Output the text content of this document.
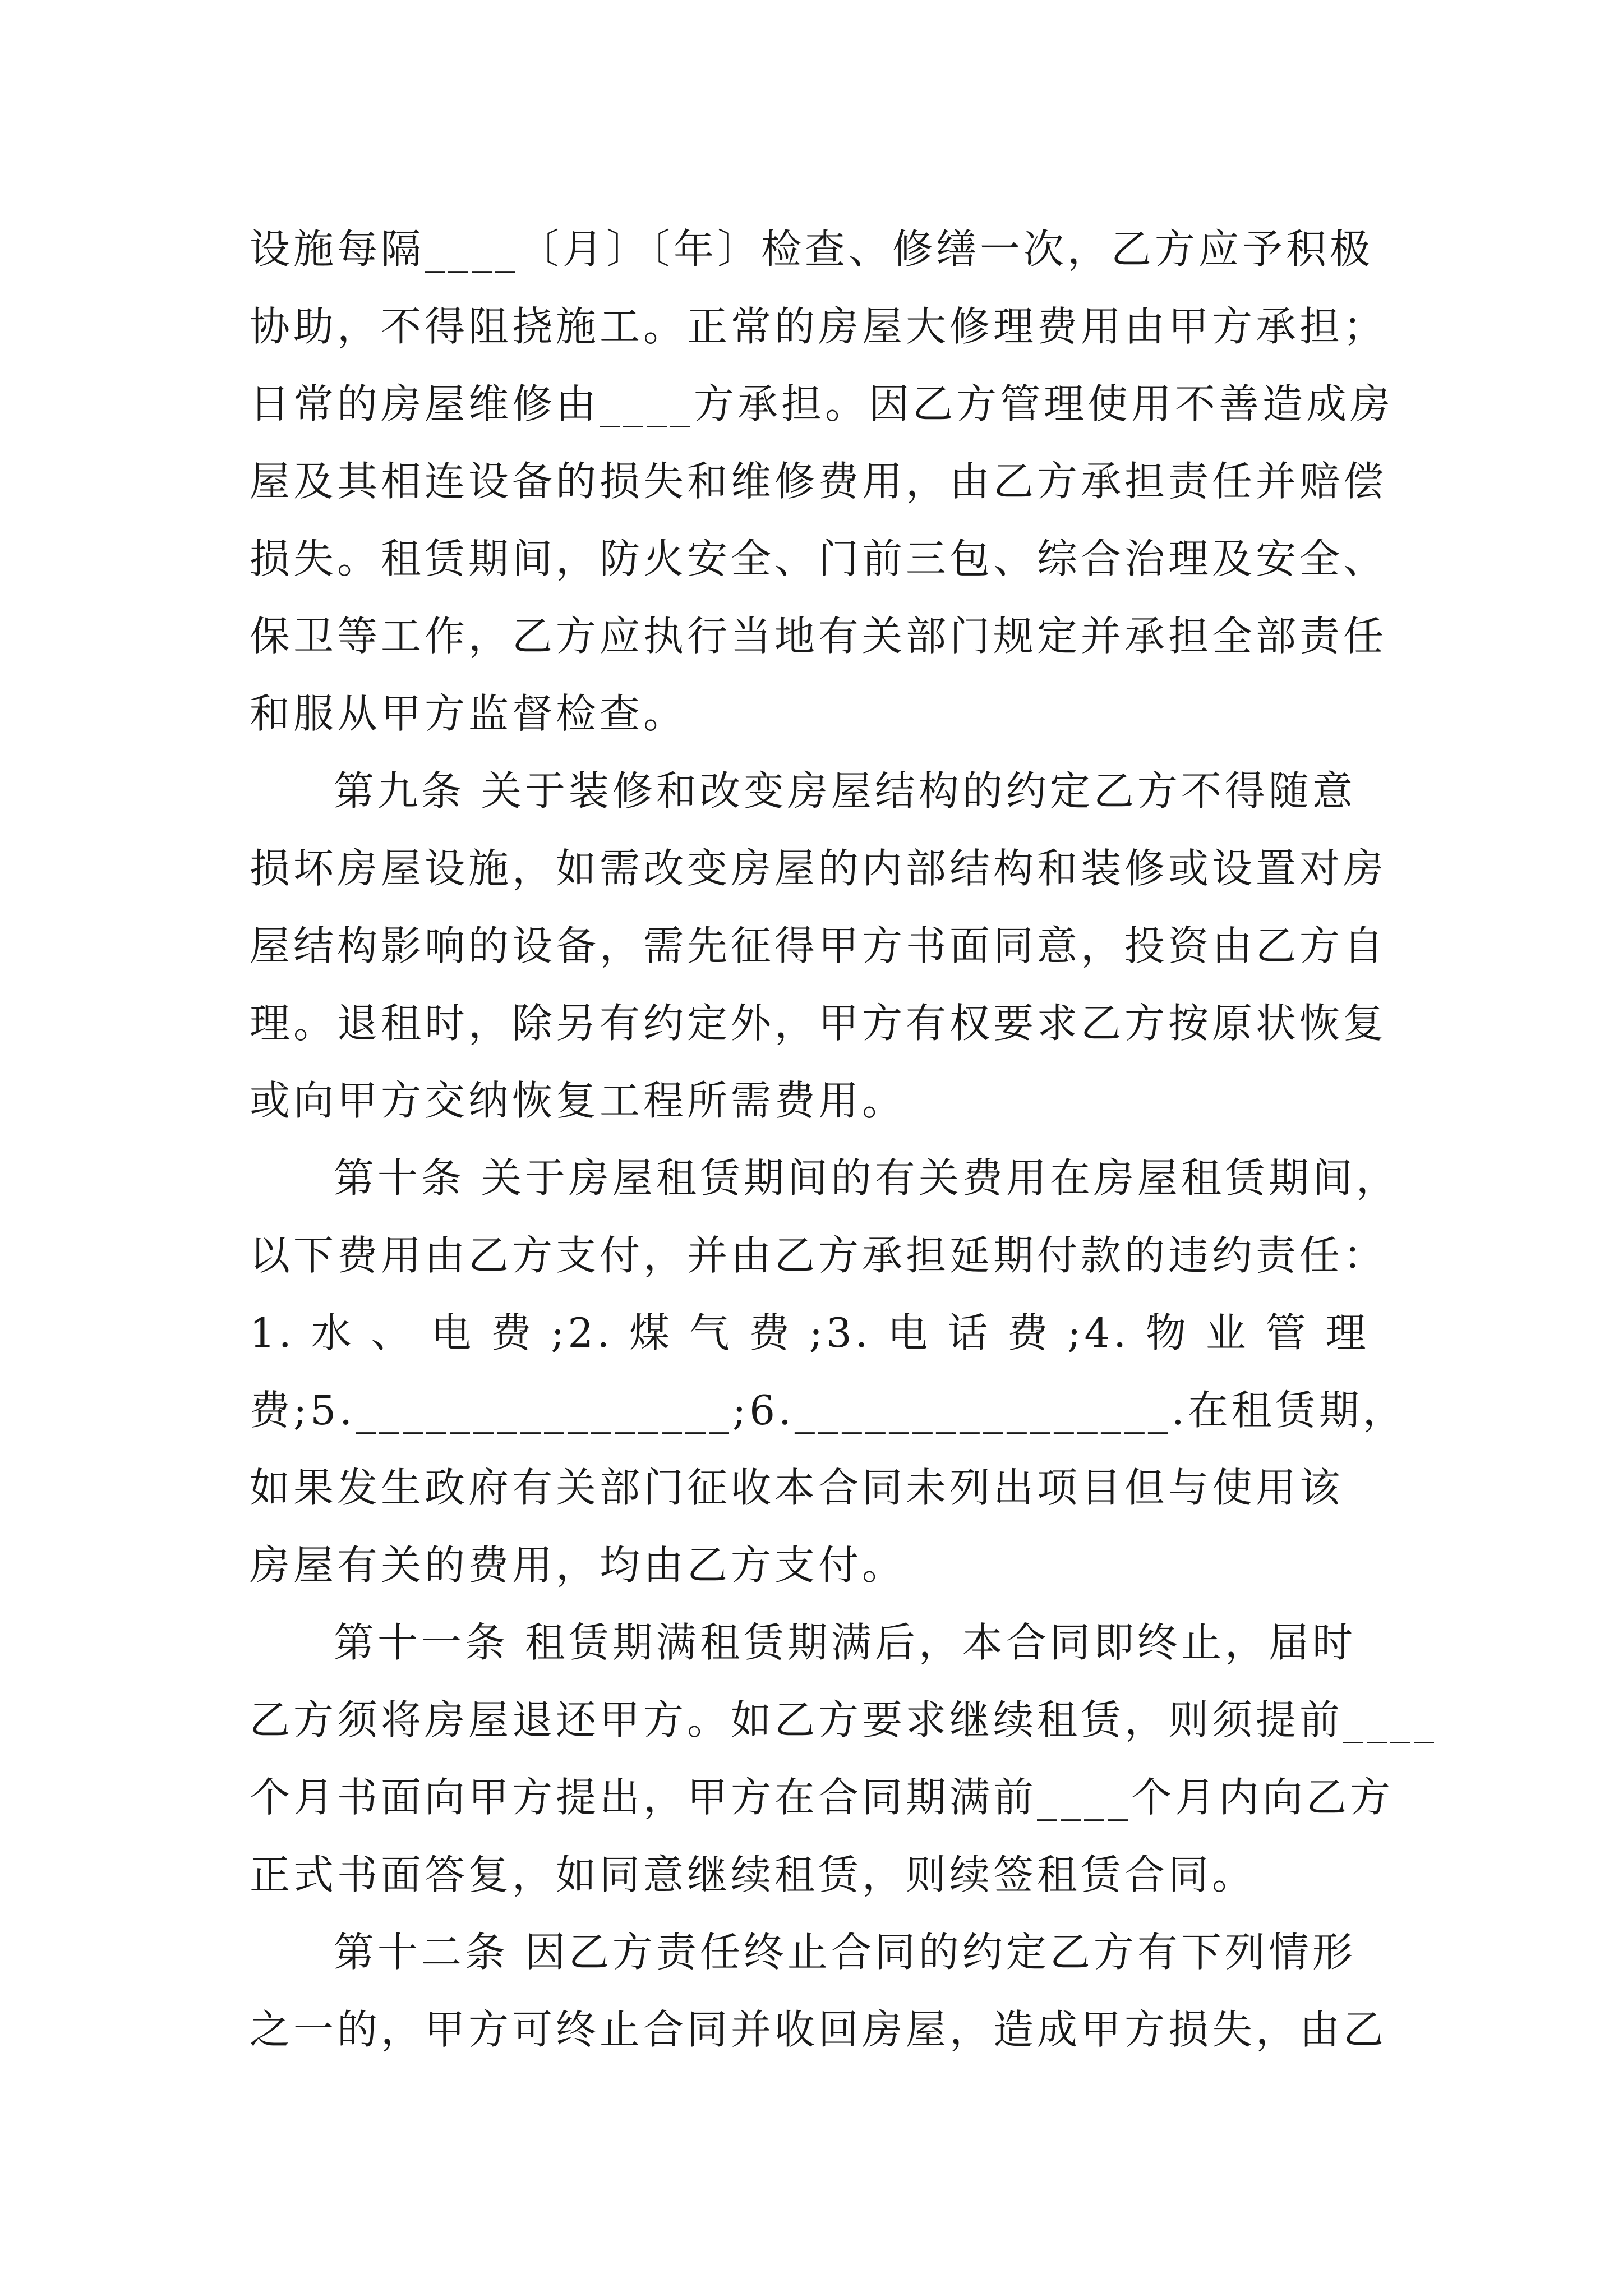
设施每隔____〔月〕〔年〕检查、修缮一次，乙方应予积极
协助，不得阻挠施工。正常的房屋大修理费用由甲方承担；
日常的房屋维修由____方承担。因乙方管理使用不善造成房
屋及其相连设备的损失和维修费用，由乙方承担责任并赔偿
损失。租赁期间，防火安全、门前三包、综合治理及安全、
保卫等工作，乙方应执行当地有关部门规定并承担全部责任
和服从甲方监督检查。

第九条 关于装修和改变房屋结构的约定乙方不得随意
损坏房屋设施，如需改变房屋的内部结构和装修或设置对房
屋结构影响的设备，需先征得甲方书面同意，投资由乙方自
理。退租时，除另有约定外，甲方有权要求乙方按原状恢复
或向甲方交纳恢复工程所需费用。

第十条 关于房屋租赁期间的有关费用在房屋租赁期间，
以下费用由乙方支付，并由乙方承担延期付款的违约责任：
1. 水 、 电 费 ;2. 煤 气 费 ;3. 电 话 费 ;4. 物 业 管 理
费;5.________________;6.________________.在租赁期，
如果发生政府有关部门征收本合同未列出项目但与使用该
房屋有关的费用，均由乙方支付。

第十一条 租赁期满租赁期满后，本合同即终止，届时
乙方须将房屋退还甲方。如乙方要求继续租赁，则须提前____
个月书面向甲方提出，甲方在合同期满前____个月内向乙方
正式书面答复，如同意继续租赁，则续签租赁合同。

第十二条 因乙方责任终止合同的约定乙方有下列情形
之一的，甲方可终止合同并收回房屋，造成甲方损失，由乙
